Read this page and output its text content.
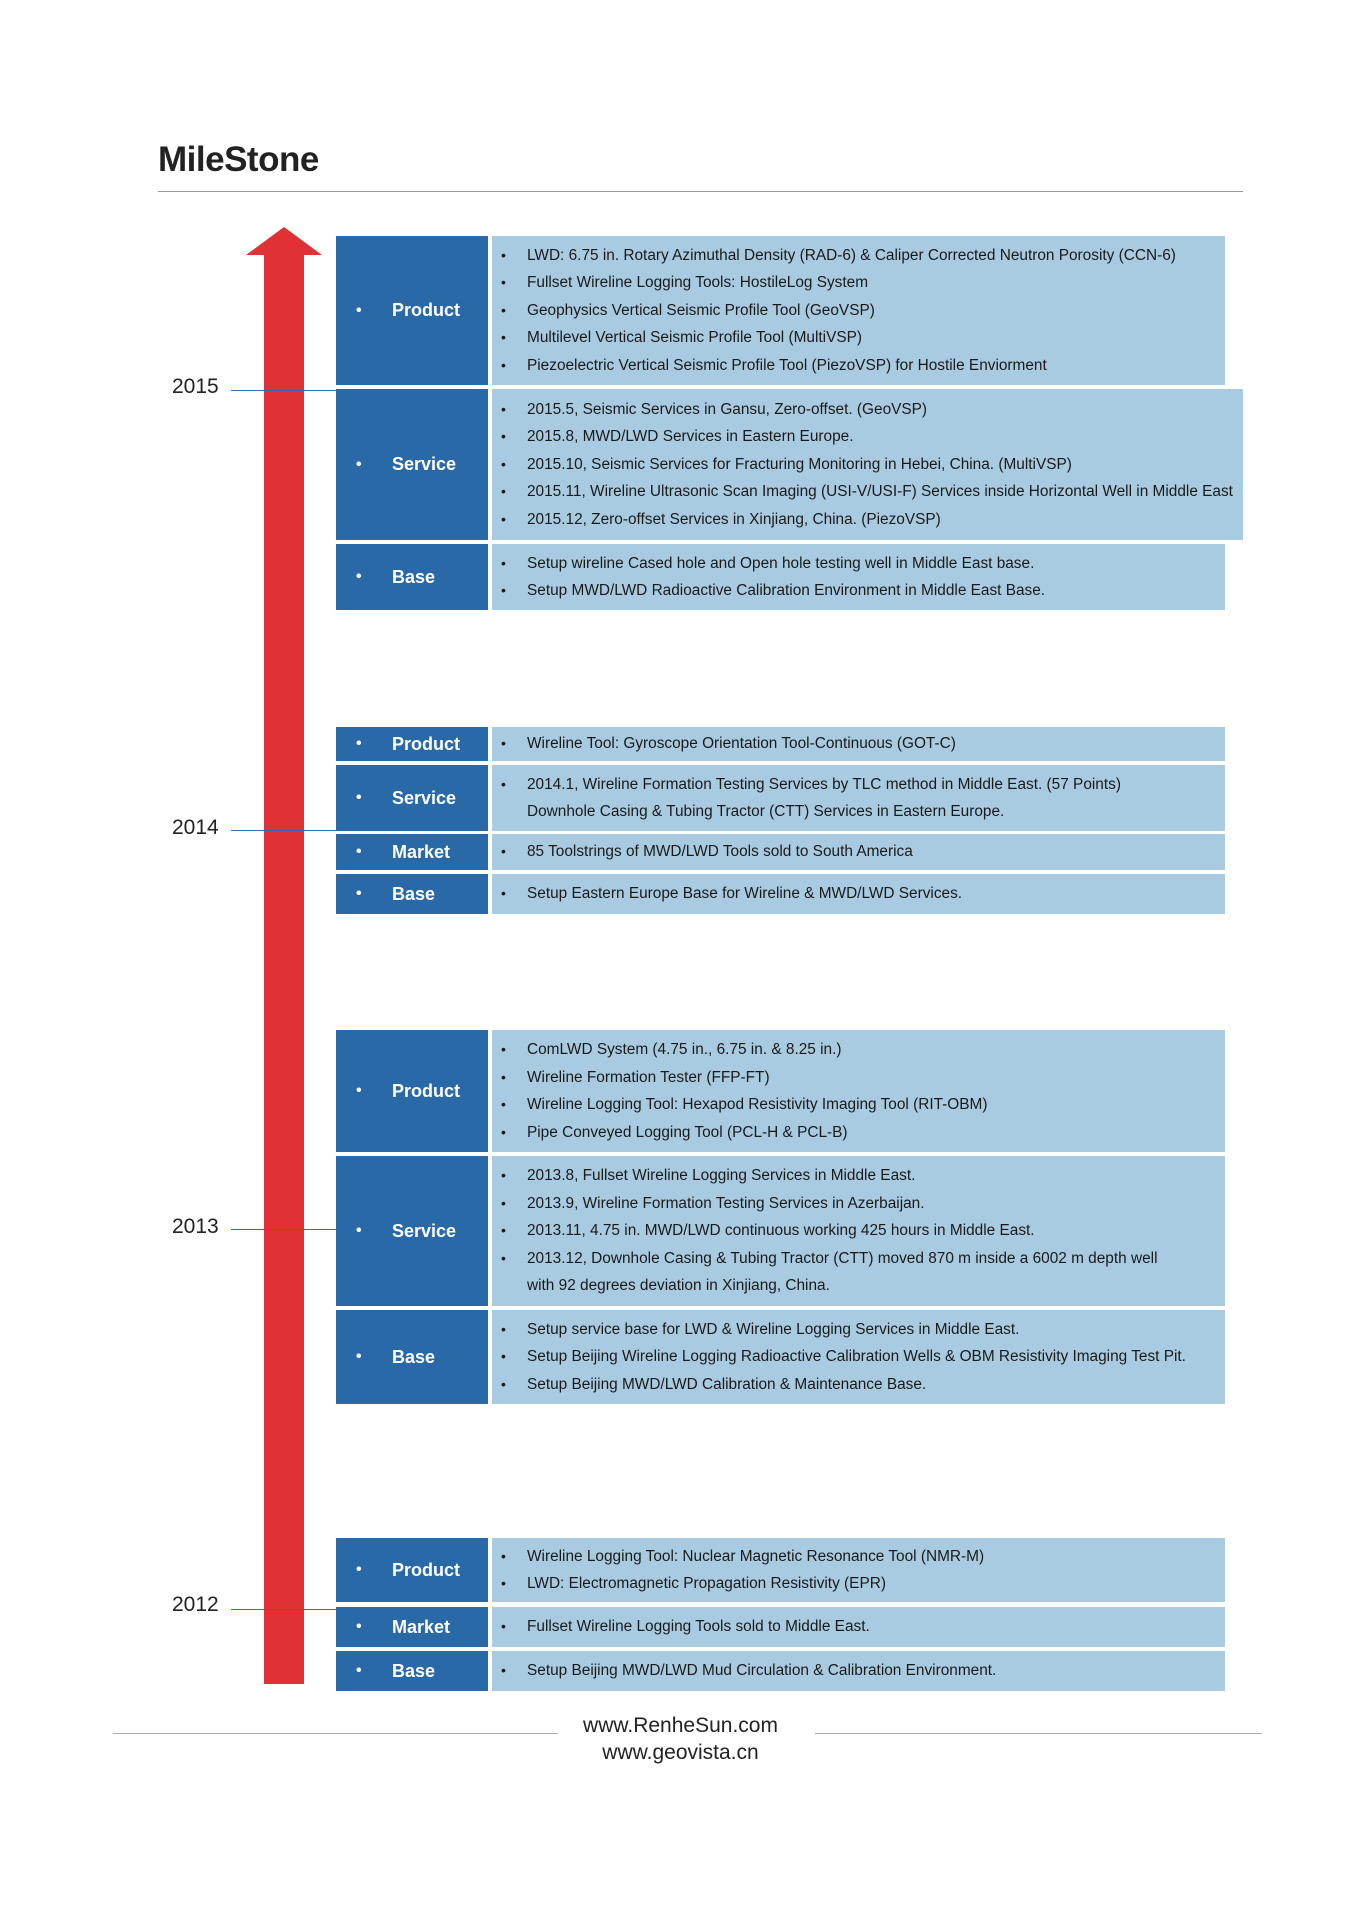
MileStone
2015
•	Product
• LWD: 6.75 in. Rotary Azimuthal Density (RAD-6) & Caliper Corrected Neutron Porosity (CCN-6)
• Fullset Wireline Logging Tools: HostileLog System
• Geophysics Vertical Seismic Profile Tool (GeoVSP)
• Multilevel Vertical Seismic Profile Tool (MultiVSP)
• Piezoelectric Vertical Seismic Profile Tool (PiezoVSP) for Hostile Enviorment
•	Service
• 2015.5, Seismic Services in Gansu, Zero-offset. (GeoVSP)
• 2015.8, MWD/LWD Services in Eastern Europe.
• 2015.10, Seismic Services for Fracturing Monitoring in Hebei, China. (MultiVSP)
• 2015.11, Wireline Ultrasonic Scan Imaging (USI-V/USI-F) Services inside Horizontal Well in Middle East
• 2015.12, Zero-offset Services in Xinjiang, China. (PiezoVSP)
•	Base
• Setup wireline Cased hole and Open hole testing well in Middle East base.
• Setup MWD/LWD Radioactive Calibration Environment in Middle East Base.
2014
•	Product	• Wireline Tool: Gyroscope Orientation Tool-Continuous (GOT-C)
•	Service
• 2014.1, Wireline Formation Testing Services by TLC method in Middle East. (57 Points)
Downhole Casing & Tubing Tractor (CTT) Services in Eastern Europe.
•	Market	• 85 Toolstrings of MWD/LWD Tools sold to South America
•	Base	• Setup Eastern Europe Base for Wireline & MWD/LWD Services.
2013
•	Product
• ComLWD System (4.75 in., 6.75 in. & 8.25 in.)
• Wireline Formation Tester (FFP-FT)
• Wireline Logging Tool: Hexapod Resistivity Imaging Tool (RIT-OBM)
• Pipe Conveyed Logging Tool (PCL-H & PCL-B)
•	Service
• 2013.8, Fullset Wireline Logging Services in Middle East.
• 2013.9, Wireline Formation Testing Services in Azerbaijan.
• 2013.11, 4.75 in. MWD/LWD continuous working 425 hours in Middle East.
• 2013.12, Downhole Casing & Tubing Tractor (CTT) moved 870 m inside a 6002 m depth well
with 92 degrees deviation in Xinjiang, China.
•	Base
• Setup service base for LWD & Wireline Logging Services in Middle East.
• Setup Beijing Wireline Logging Radioactive Calibration Wells & OBM Resistivity Imaging Test Pit.
• Setup Beijing MWD/LWD Calibration & Maintenance Base.
2012
•	Product
• Wireline Logging Tool: Nuclear Magnetic Resonance Tool (NMR-M)
• LWD: Electromagnetic Propagation Resistivity (EPR)
•	Market	• Fullset Wireline Logging Tools sold to Middle East.
•	Base	• Setup Beijing MWD/LWD Mud Circulation & Calibration Environment.
www.RenheSun.com
www.geovista.cn
